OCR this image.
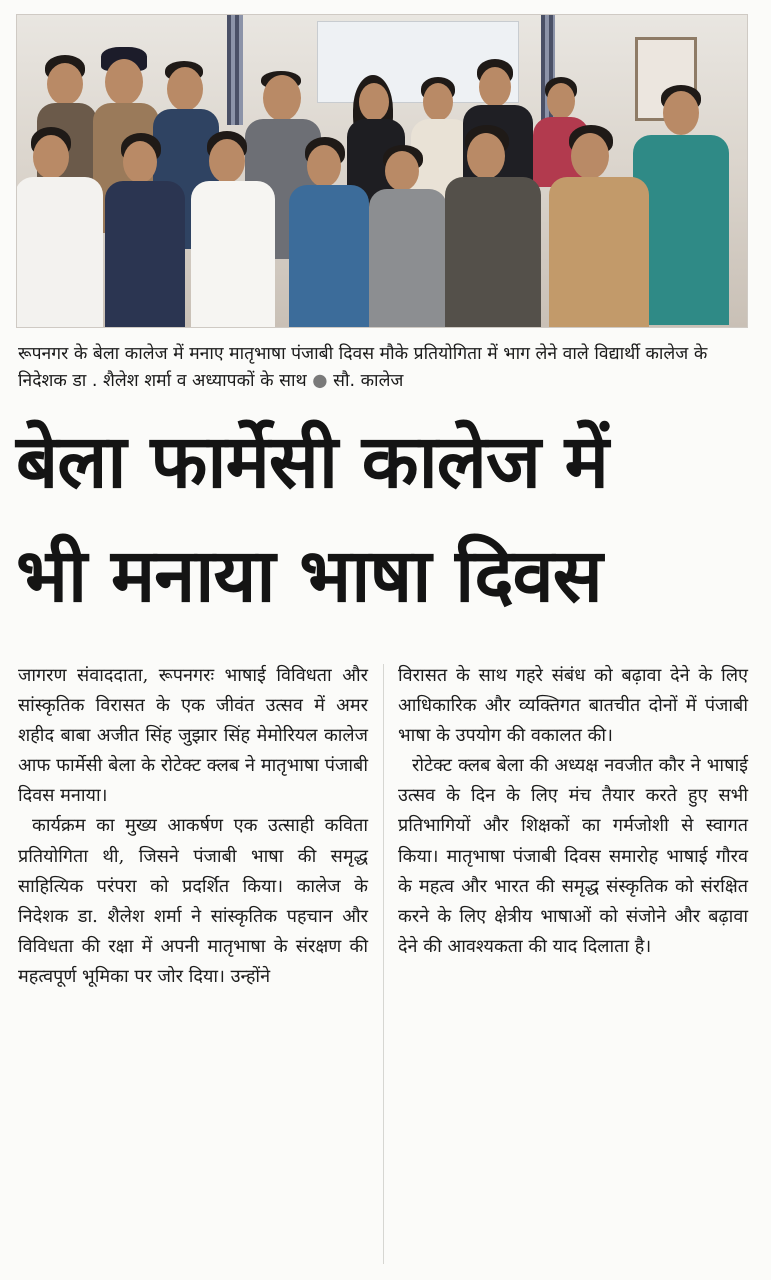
रूपनगर के बेला कालेज में मनाए मातृभाषा पंजाबी दिवस मौके प्रतियोगिता में भाग लेने वाले विद्यार्थी कालेज के निदेशक डा . शैलेश शर्मा व अध्यापकों के साथ ● सौ. कालेज
बेला फार्मेसी कालेज में
भी मनाया भाषा दिवस

जागरण संवाददाता, रूपनगरः भाषाई विविधता और सांस्कृतिक विरासत के एक जीवंत उत्सव में अमर शहीद बाबा अजीत सिंह जुझार सिंह मेमोरियल कालेज आफ फार्मेसी बेला के रोटेक्ट क्लब ने मातृभाषा पंजाबी दिवस मनाया।

कार्यक्रम का मुख्य आकर्षण एक उत्साही कविता प्रतियोगिता थी, जिसने पंजाबी भाषा की समृद्ध साहित्यिक परंपरा को प्रदर्शित किया। कालेज के निदेशक डा. शैलेश शर्मा ने सांस्कृतिक पहचान और विविधता की रक्षा में अपनी मातृभाषा के संरक्षण की महत्वपूर्ण भूमिका पर जोर दिया। उन्होंने

विरासत के साथ गहरे संबंध को बढ़ावा देने के लिए आधिकारिक और व्यक्तिगत बातचीत दोनों में पंजाबी भाषा के उपयोग की वकालत की।

रोटेक्ट क्लब बेला की अध्यक्ष नवजीत कौर ने भाषाई उत्सव के दिन के लिए मंच तैयार करते हुए सभी प्रतिभागियों और शिक्षकों का गर्मजोशी से स्वागत किया। मातृभाषा पंजाबी दिवस समारोह भाषाई गौरव के महत्व और भारत की समृद्ध संस्कृतिक को संरक्षित करने के लिए क्षेत्रीय भाषाओं को संजोने और बढ़ावा देने की आवश्यकता की याद दिलाता है।
